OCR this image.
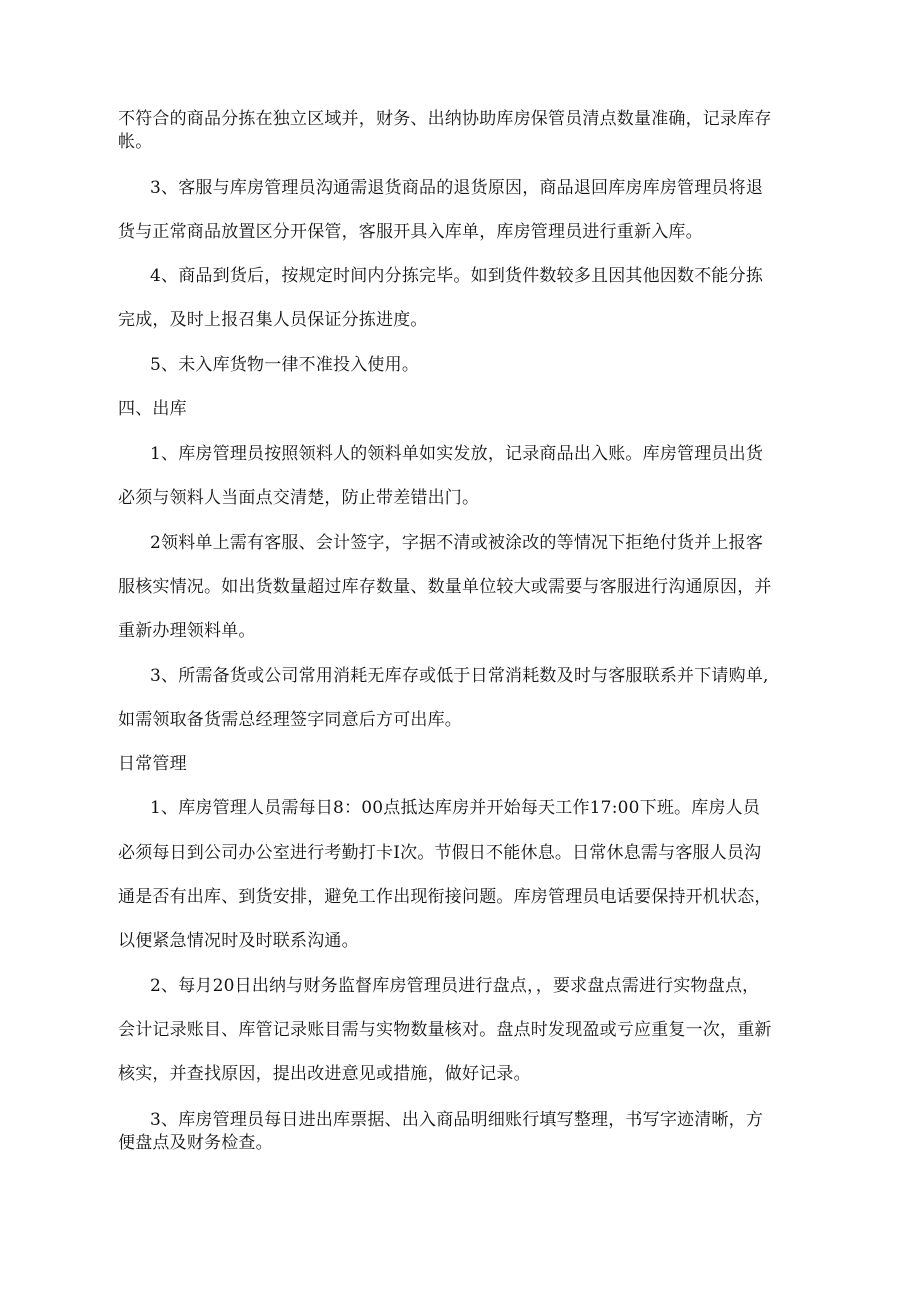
不符合的商品分拣在独立区域并，财务、出纳协助库房保管员清点数量准确，记录库存
帐。
3、客服与库房管理员沟通需退货商品的退货原因，商品退回库房库房管理员将退
货与正常商品放置区分开保管，客服开具入库单，库房管理员进行重新入库。
4、商品到货后，按规定时间内分拣完毕。如到货件数较多且因其他因数不能分拣
完成，及时上报召集人员保证分拣进度。
5、未入库货物一律不准投入使用。
四、出库
1、库房管理员按照领料人的领料单如实发放，记录商品出入账。库房管理员出货
必须与领料人当面点交清楚，防止带差错出门。
2领料单上需有客服、会计签字，字据不清或被涂改的等情况下拒绝付货并上报客
服核实情况。如出货数量超过库存数量、数量单位较大或需要与客服进行沟通原因，并
重新办理领料单。
3、所需备货或公司常用消耗无库存或低于日常消耗数及时与客服联系并下请购单,
如需领取备货需总经理签字同意后方可出库。
日常管理
1、库房管理人员需每日8：00点抵达库房并开始每天工作17:00下班。库房人员
必须每日到公司办公室进行考勤打卡I次。节假日不能休息。日常休息需与客服人员沟
通是否有出库、到货安排，避免工作出现衔接问题。库房管理员电话要保持开机状态，
以便紧急情况时及时联系沟通。
2、每月20日出纳与财务监督库房管理员进行盘点，，要求盘点需进行实物盘点，
会计记录账目、库管记录账目需与实物数量核对。盘点时发现盈或亏应重复一次，重新
核实，并查找原因，提出改进意见或措施，做好记录。
3、库房管理员每日进出库票据、出入商品明细账行填写整理，书写字迹清晰，方
便盘点及财务检查。
